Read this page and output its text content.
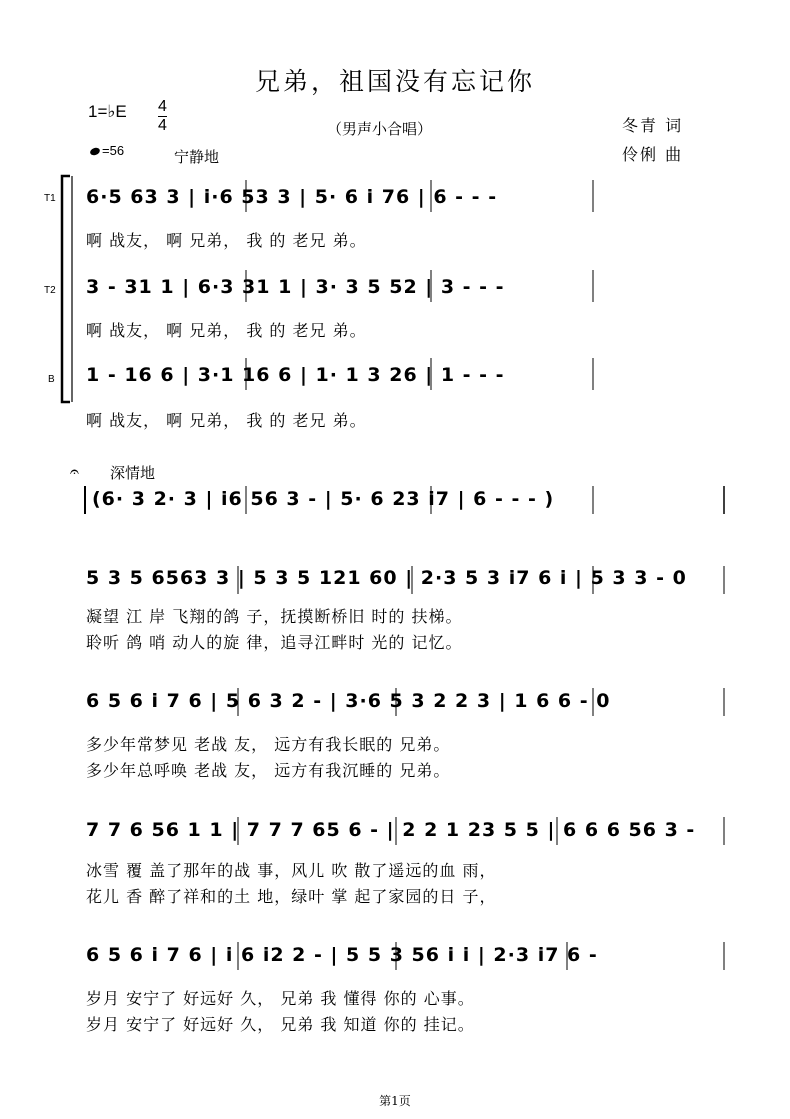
兄弟，祖国没有忘记你
1=♭E 4
4
=56	宁静地
（男声小合唱）	冬青 词
伶俐 曲
T1
T2
B
6·5 63 3 | i·6 53 3 | 5· 6 i 76 | 6 - - -
啊 战友， 啊 兄弟， 我 的 老兄 弟。
3 - 31 1 | 6·3 31 1 | 3· 3 5 52 | 3 - - -
啊 战友， 啊 兄弟， 我 的 老兄 弟。
1 - 16 6 | 3·1 16 6 | 1· 1 3 26 | 1 - - -
啊 战友， 啊 兄弟， 我 的 老兄 弟。
𝄐 深情地
(6· 3 2· 3 | i6 56 3 - | 5· 6 23 i7 | 6 - - - )
5 3 5 6563 3 | 5 3 5 121 60 | 2·3 5 3 i7 6 i | 5 3 3 - 0
凝望 江 岸 飞翔的鸽 子，抚摸断桥旧 时的 扶梯。
聆听 鸽 哨 动人的旋 律，追寻江畔时 光的 记忆。
6 5 6 i 7 6 | 5 6 3 2 - | 3·6 5 3 2 2 3 | 1 6 6 - 0
多少年常梦见 老战 友， 远方有我长眠的 兄弟。
多少年总呼唤 老战 友， 远方有我沉睡的 兄弟。
7 7 6 56 1 1 | 7 7 7 65 6 - | 2 2 1 23 5 5 | 6 6 6 56 3 -
冰雪 覆 盖了那年的战 事，风儿 吹 散了遥远的血 雨，
花儿 香 醉了祥和的土 地，绿叶 掌 起了家园的日 子，
6 5 6 i 7 6 | i 6 i2 2 - | 5 5 3 56 i i | 2·3 i7 6 -
岁月 安宁了 好远好 久， 兄弟 我 懂得 你的 心事。
岁月 安宁了 好远好 久， 兄弟 我 知道 你的 挂记。
第1页
